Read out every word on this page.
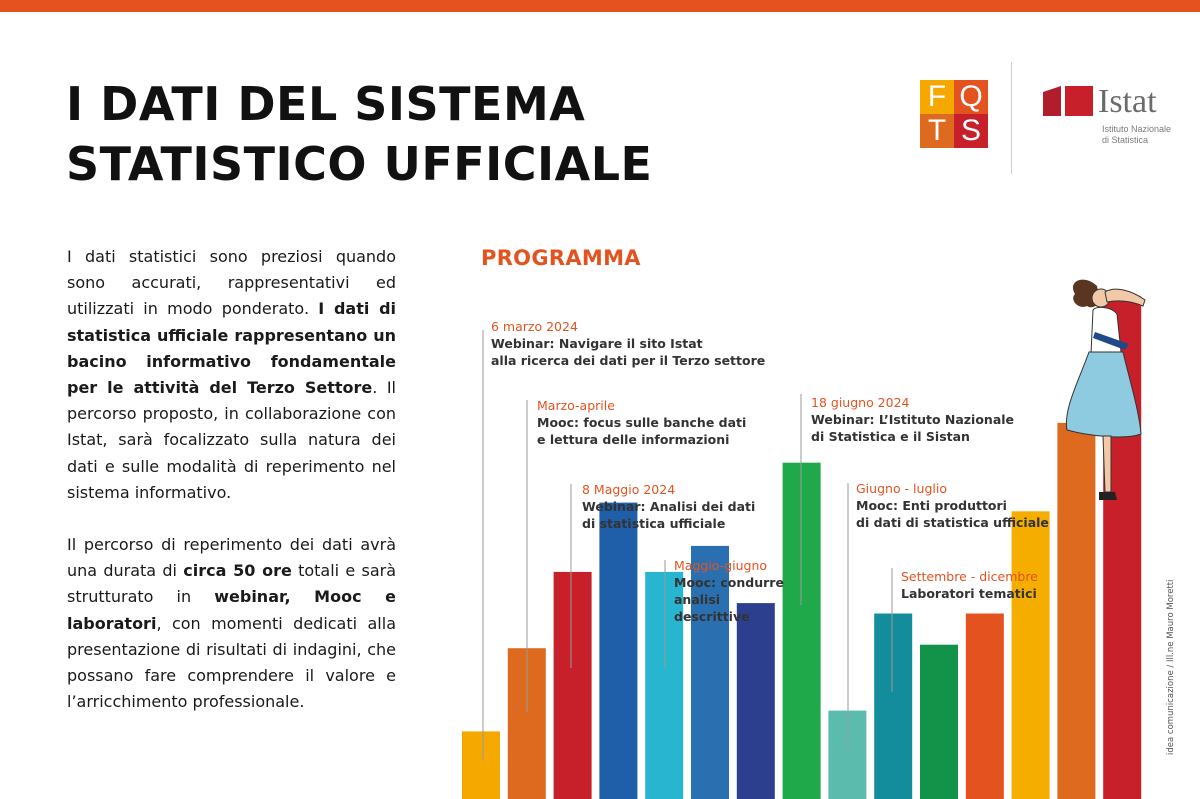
I DATI DEL SISTEMA
STATISTICO UFFICIALE
F Q
T S
Istat
Istituto Nazionale
di Statistica

I dati statistici sono preziosi quando sono accurati, rappresentativi ed utilizzati in modo ponderato. I dati di statistica ufficiale rappresentano un bacino informativo fondamentale per le attività del Terzo Settore. Il percorso proposto, in collaborazione con Istat, sarà focalizzato sulla natura dei dati e sulle modalità di reperimento nel sistema informativo.

Il percorso di reperimento dei dati avrà una durata di circa 50 ore totali e sarà strutturato in webinar, Mooc e laboratori, con momenti dedicati alla presentazione di risultati di indagini, che possano fare comprendere il valore e l’arricchimento professionale.

PROGRAMMA
6 marzo 2024
Webinar: Navigare il sito Istat
alla ricerca dei dati per il Terzo settore
Marzo-aprile
Mooc: focus sulle banche dati
e lettura delle informazioni
8 Maggio 2024
Webinar: Analisi dei dati
di statistica ufficiale
Maggio-giugno
Mooc: condurre
analisi
descrittive
18 giugno 2024
Webinar: L’Istituto Nazionale
di Statistica e il Sistan
Giugno - luglio
Mooc: Enti produttori
di dati di statistica ufficiale
Settembre - dicembre
Laboratori tematici	idea comunicazione / Ill.ne Mauro Moretti
